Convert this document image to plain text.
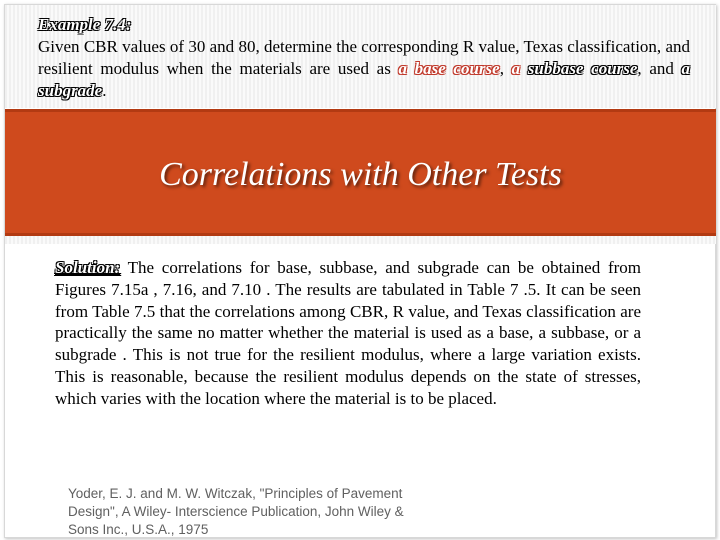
Example 7.4:
Given CBR values of 30 and 80, determine the corresponding R value, Texas classification, and resilient modulus when the materials are used as a base course, a subbase course, and a subgrade.
Correlations with Other Tests
Solution: The correlations for base, subbase, and subgrade can be obtained from Figures 7.15a , 7.16, and 7.10 . The results are tabulated in Table 7 .5. It can be seen from Table 7.5 that the correlations among CBR, R value, and Texas classification are practically the same no matter whether the material is used as a base, a subbase, or a subgrade . This is not true for the resilient modulus, where a large variation exists. This is reasonable, because the resilient modulus depends on the state of stresses, which varies with the location where the material is to be placed.
Yoder, E. J. and M. W. Witczak, "Principles of Pavement Design", A Wiley- Interscience Publication, John Wiley & Sons Inc., U.S.A., 1975
